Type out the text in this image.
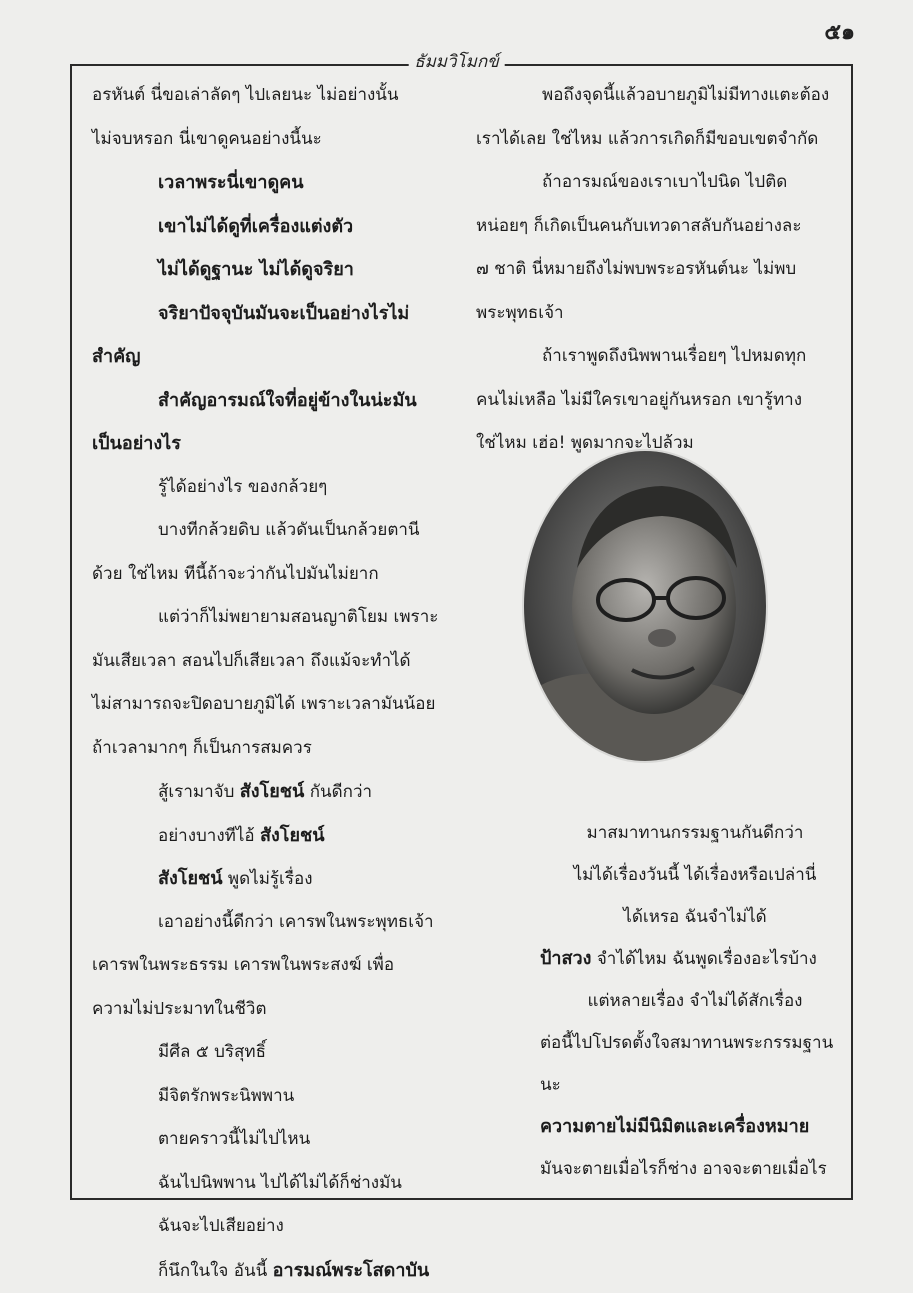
๕๑
ธัมมวิโมกข์
อรหันต์ นี่ขอเล่าลัดๆ ไปเลยนะ ไม่อย่างนั้น
ไม่จบหรอก นี่เขาดูคนอย่างนี้นะ
เวลาพระนี่เขาดูคน
เขาไม่ได้ดูที่เครื่องแต่งตัว
ไม่ได้ดูฐานะ ไม่ได้ดูจริยา
จริยาปัจจุบันมันจะเป็นอย่างไรไม่
สำคัญ
สำคัญอารมณ์ใจที่อยู่ข้างในน่ะมัน
เป็นอย่างไร
รู้ได้อย่างไร ของกล้วยๆ
บางทีกล้วยดิบ แล้วดันเป็นกล้วยตานี
ด้วย ใช่ไหม ทีนี้ถ้าจะว่ากันไปมันไม่ยาก
แต่ว่าก็ไม่พยายามสอนญาติโยม เพราะ
มันเสียเวลา สอนไปก็เสียเวลา ถึงแม้จะทำได้
ไม่สามารถจะปิดอบายภูมิได้ เพราะเวลามันน้อย
ถ้าเวลามากๆ ก็เป็นการสมควร
สู้เรามาจับ สังโยชน์ กันดีกว่า
อย่างบางทีไอ้ สังโยชน์
สังโยชน์ พูดไม่รู้เรื่อง
เอาอย่างนี้ดีกว่า เคารพในพระพุทธเจ้า
เคารพในพระธรรม เคารพในพระสงฆ์ เพื่อ
ความไม่ประมาทในชีวิต
มีศีล ๕ บริสุทธิ์
มีจิตรักพระนิพพาน
ตายคราวนี้ไม่ไปไหน
ฉันไปนิพพาน ไปได้ไม่ได้ก็ช่างมัน
ฉันจะไปเสียอย่าง
ก็นึกในใจ อันนี้ อารมณ์พระโสดาบัน
พอถึงจุดนี้แล้วอบายภูมิไม่มีทางแตะต้อง
เราได้เลย ใช่ไหม แล้วการเกิดก็มีขอบเขตจำกัด
ถ้าอารมณ์ของเราเบาไปนิด ไปติด
หน่อยๆ ก็เกิดเป็นคนกับเทวดาสลับกันอย่างละ
๗ ชาติ นี่หมายถึงไม่พบพระอรหันต์นะ ไม่พบ
พระพุทธเจ้า
ถ้าเราพูดถึงนิพพานเรื่อยๆ ไปหมดทุก
คนไม่เหลือ ไม่มีใครเขาอยู่กันหรอก เขารู้ทาง
ใช่ไหม เฮ่อ! พูดมากจะไปล้วม
มาสมาทานกรรมฐานกันดีกว่า
ไม่ได้เรื่องวันนี้ ได้เรื่องหรือเปล่านี่
ได้เหรอ ฉันจำไม่ได้
ป้าสวง จำได้ไหม ฉันพูดเรื่องอะไรบ้าง
แต่หลายเรื่อง จำไม่ได้สักเรื่อง
ต่อนี้ไปโปรดตั้งใจสมาทานพระกรรมฐาน
นะ
ความตายไม่มีนิมิตและเครื่องหมาย
มันจะตายเมื่อไรก็ช่าง อาจจะตายเมื่อไร
